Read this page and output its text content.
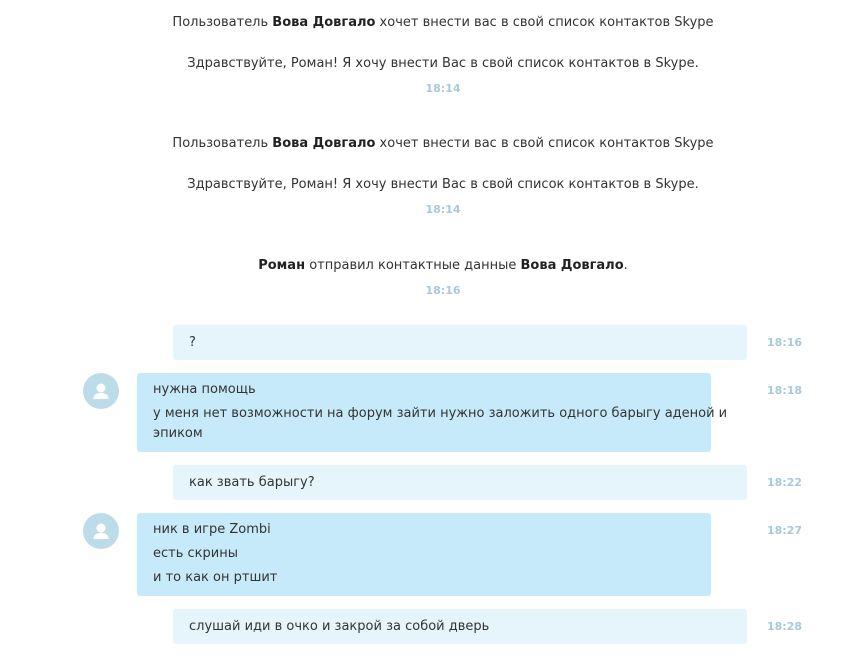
Пользователь Вова Довгало хочет внести вас в свой список контактов Skype
Здравствуйте, Роман! Я хочу внести Вас в свой список контактов в Skype.
18:14
Пользователь Вова Довгало хочет внести вас в свой список контактов Skype
Здравствуйте, Роман! Я хочу внести Вас в свой список контактов в Skype.
18:14
Роман отправил контактные данные Вова Довгало.
18:16
?	18:16
нужна помощь
у меня нет возможности на форум зайти нужно заложить одного барыгу аденой и
эпиком
18:18
как звать барыгу?	18:22
ник в игре Zombi
есть скрины
и то как он ртшит
18:27
слушай иди в очко и закрой за собой дверь	18:28
